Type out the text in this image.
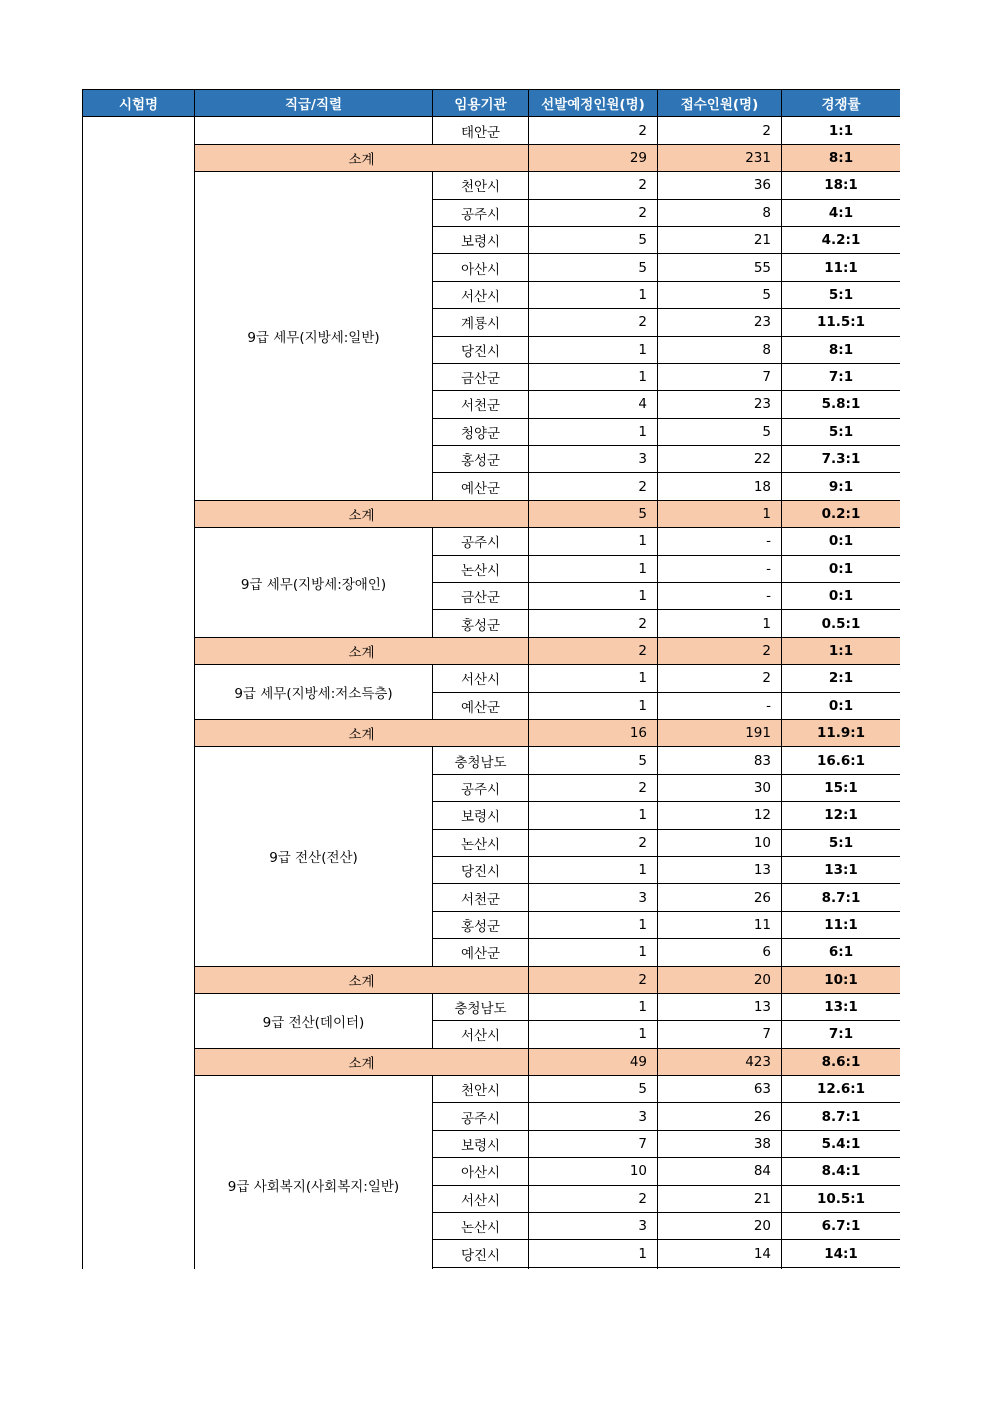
시험명	직급/직렬	임용기관	선발예정인원(명)	접수인원(명)	경쟁률
		태안군	2	2	1:1
	소계		29	231	8:1
	9급 세무(지방세:일반)	천안시	2	36	18:1
		공주시	2	8	4:1
		보령시	5	21	4.2:1
		아산시	5	55	11:1
		서산시	1	5	5:1
		계룡시	2	23	11.5:1
		당진시	1	8	8:1
		금산군	1	7	7:1
		서천군	4	23	5.8:1
		청양군	1	5	5:1
		홍성군	3	22	7.3:1
		예산군	2	18	9:1
	소계		5	1	0.2:1
	9급 세무(지방세:장애인)	공주시	1	-	0:1
		논산시	1	-	0:1
		금산군	1	-	0:1
		홍성군	2	1	0.5:1
	소계		2	2	1:1
	9급 세무(지방세:저소득층)	서산시	1	2	2:1
		예산군	1	-	0:1
	소계		16	191	11.9:1
	9급 전산(전산)	충청남도	5	83	16.6:1
		공주시	2	30	15:1
		보령시	1	12	12:1
		논산시	2	10	5:1
		당진시	1	13	13:1
		서천군	3	26	8.7:1
		홍성군	1	11	11:1
		예산군	1	6	6:1
	소계		2	20	10:1
	9급 전산(데이터)	충청남도	1	13	13:1
		서산시	1	7	7:1
	소계		49	423	8.6:1
	9급 사회복지(사회복지:일반)	천안시	5	63	12.6:1
		공주시	3	26	8.7:1
		보령시	7	38	5.4:1
		아산시	10	84	8.4:1
		서산시	2	21	10.5:1
		논산시	3	20	6.7:1
		당진시	1	14	14:1
